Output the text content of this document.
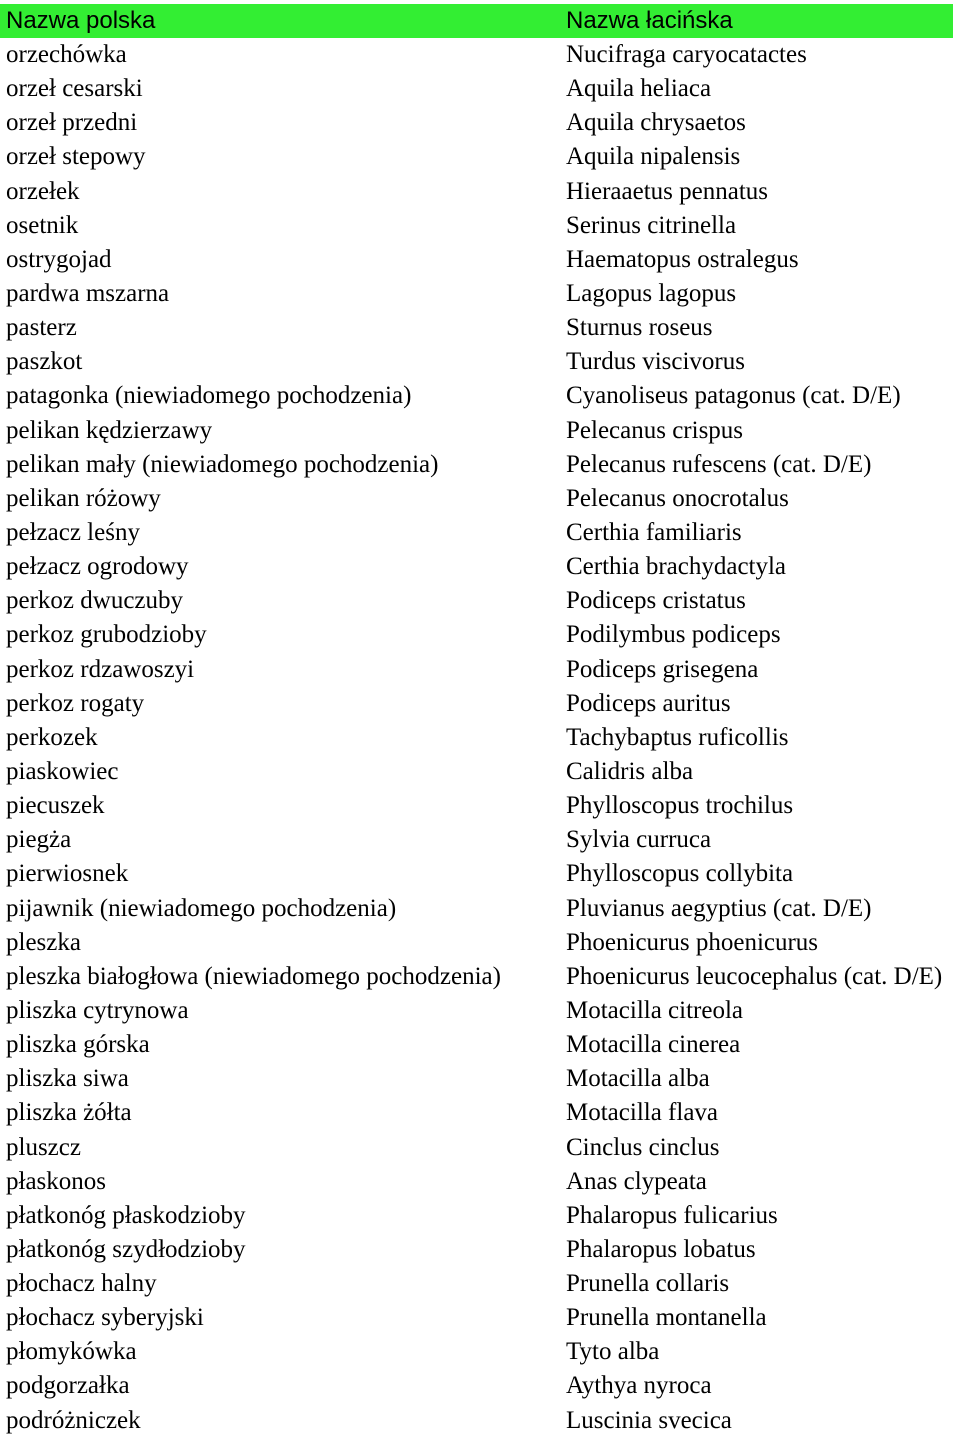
Nazwa polska	Nazwa łacińska
orzechówka	Nucifraga caryocatactes
orzeł cesarski	Aquila heliaca
orzeł przedni	Aquila chrysaetos
orzeł stepowy	Aquila nipalensis
orzełek	Hieraaetus pennatus
osetnik	Serinus citrinella
ostrygojad	Haematopus ostralegus
pardwa mszarna	Lagopus lagopus
pasterz	Sturnus roseus
paszkot	Turdus viscivorus
patagonka (niewiadomego pochodzenia)	Cyanoliseus patagonus (cat. D/E)
pelikan kędzierzawy	Pelecanus crispus
pelikan mały (niewiadomego pochodzenia)	Pelecanus rufescens (cat. D/E)
pelikan różowy	Pelecanus onocrotalus
pełzacz leśny	Certhia familiaris
pełzacz ogrodowy	Certhia brachydactyla
perkoz dwuczuby	Podiceps cristatus
perkoz grubodzioby	Podilymbus podiceps
perkoz rdzawoszyi	Podiceps grisegena
perkoz rogaty	Podiceps auritus
perkozek	Tachybaptus ruficollis
piaskowiec	Calidris alba
piecuszek	Phylloscopus trochilus
piegża	Sylvia curruca
pierwiosnek	Phylloscopus collybita
pijawnik (niewiadomego pochodzenia)	Pluvianus aegyptius (cat. D/E)
pleszka	Phoenicurus phoenicurus
pleszka białogłowa (niewiadomego pochodzenia)	Phoenicurus leucocephalus (cat. D/E)
pliszka cytrynowa	Motacilla citreola
pliszka górska	Motacilla cinerea
pliszka siwa	Motacilla alba
pliszka żółta	Motacilla flava
pluszcz	Cinclus cinclus
płaskonos	Anas clypeata
płatkonóg płaskodzioby	Phalaropus fulicarius
płatkonóg szydłodzioby	Phalaropus lobatus
płochacz halny	Prunella collaris
płochacz syberyjski	Prunella montanella
płomykówka	Tyto alba
podgorzałka	Aythya nyroca
podróżniczek	Luscinia svecica
